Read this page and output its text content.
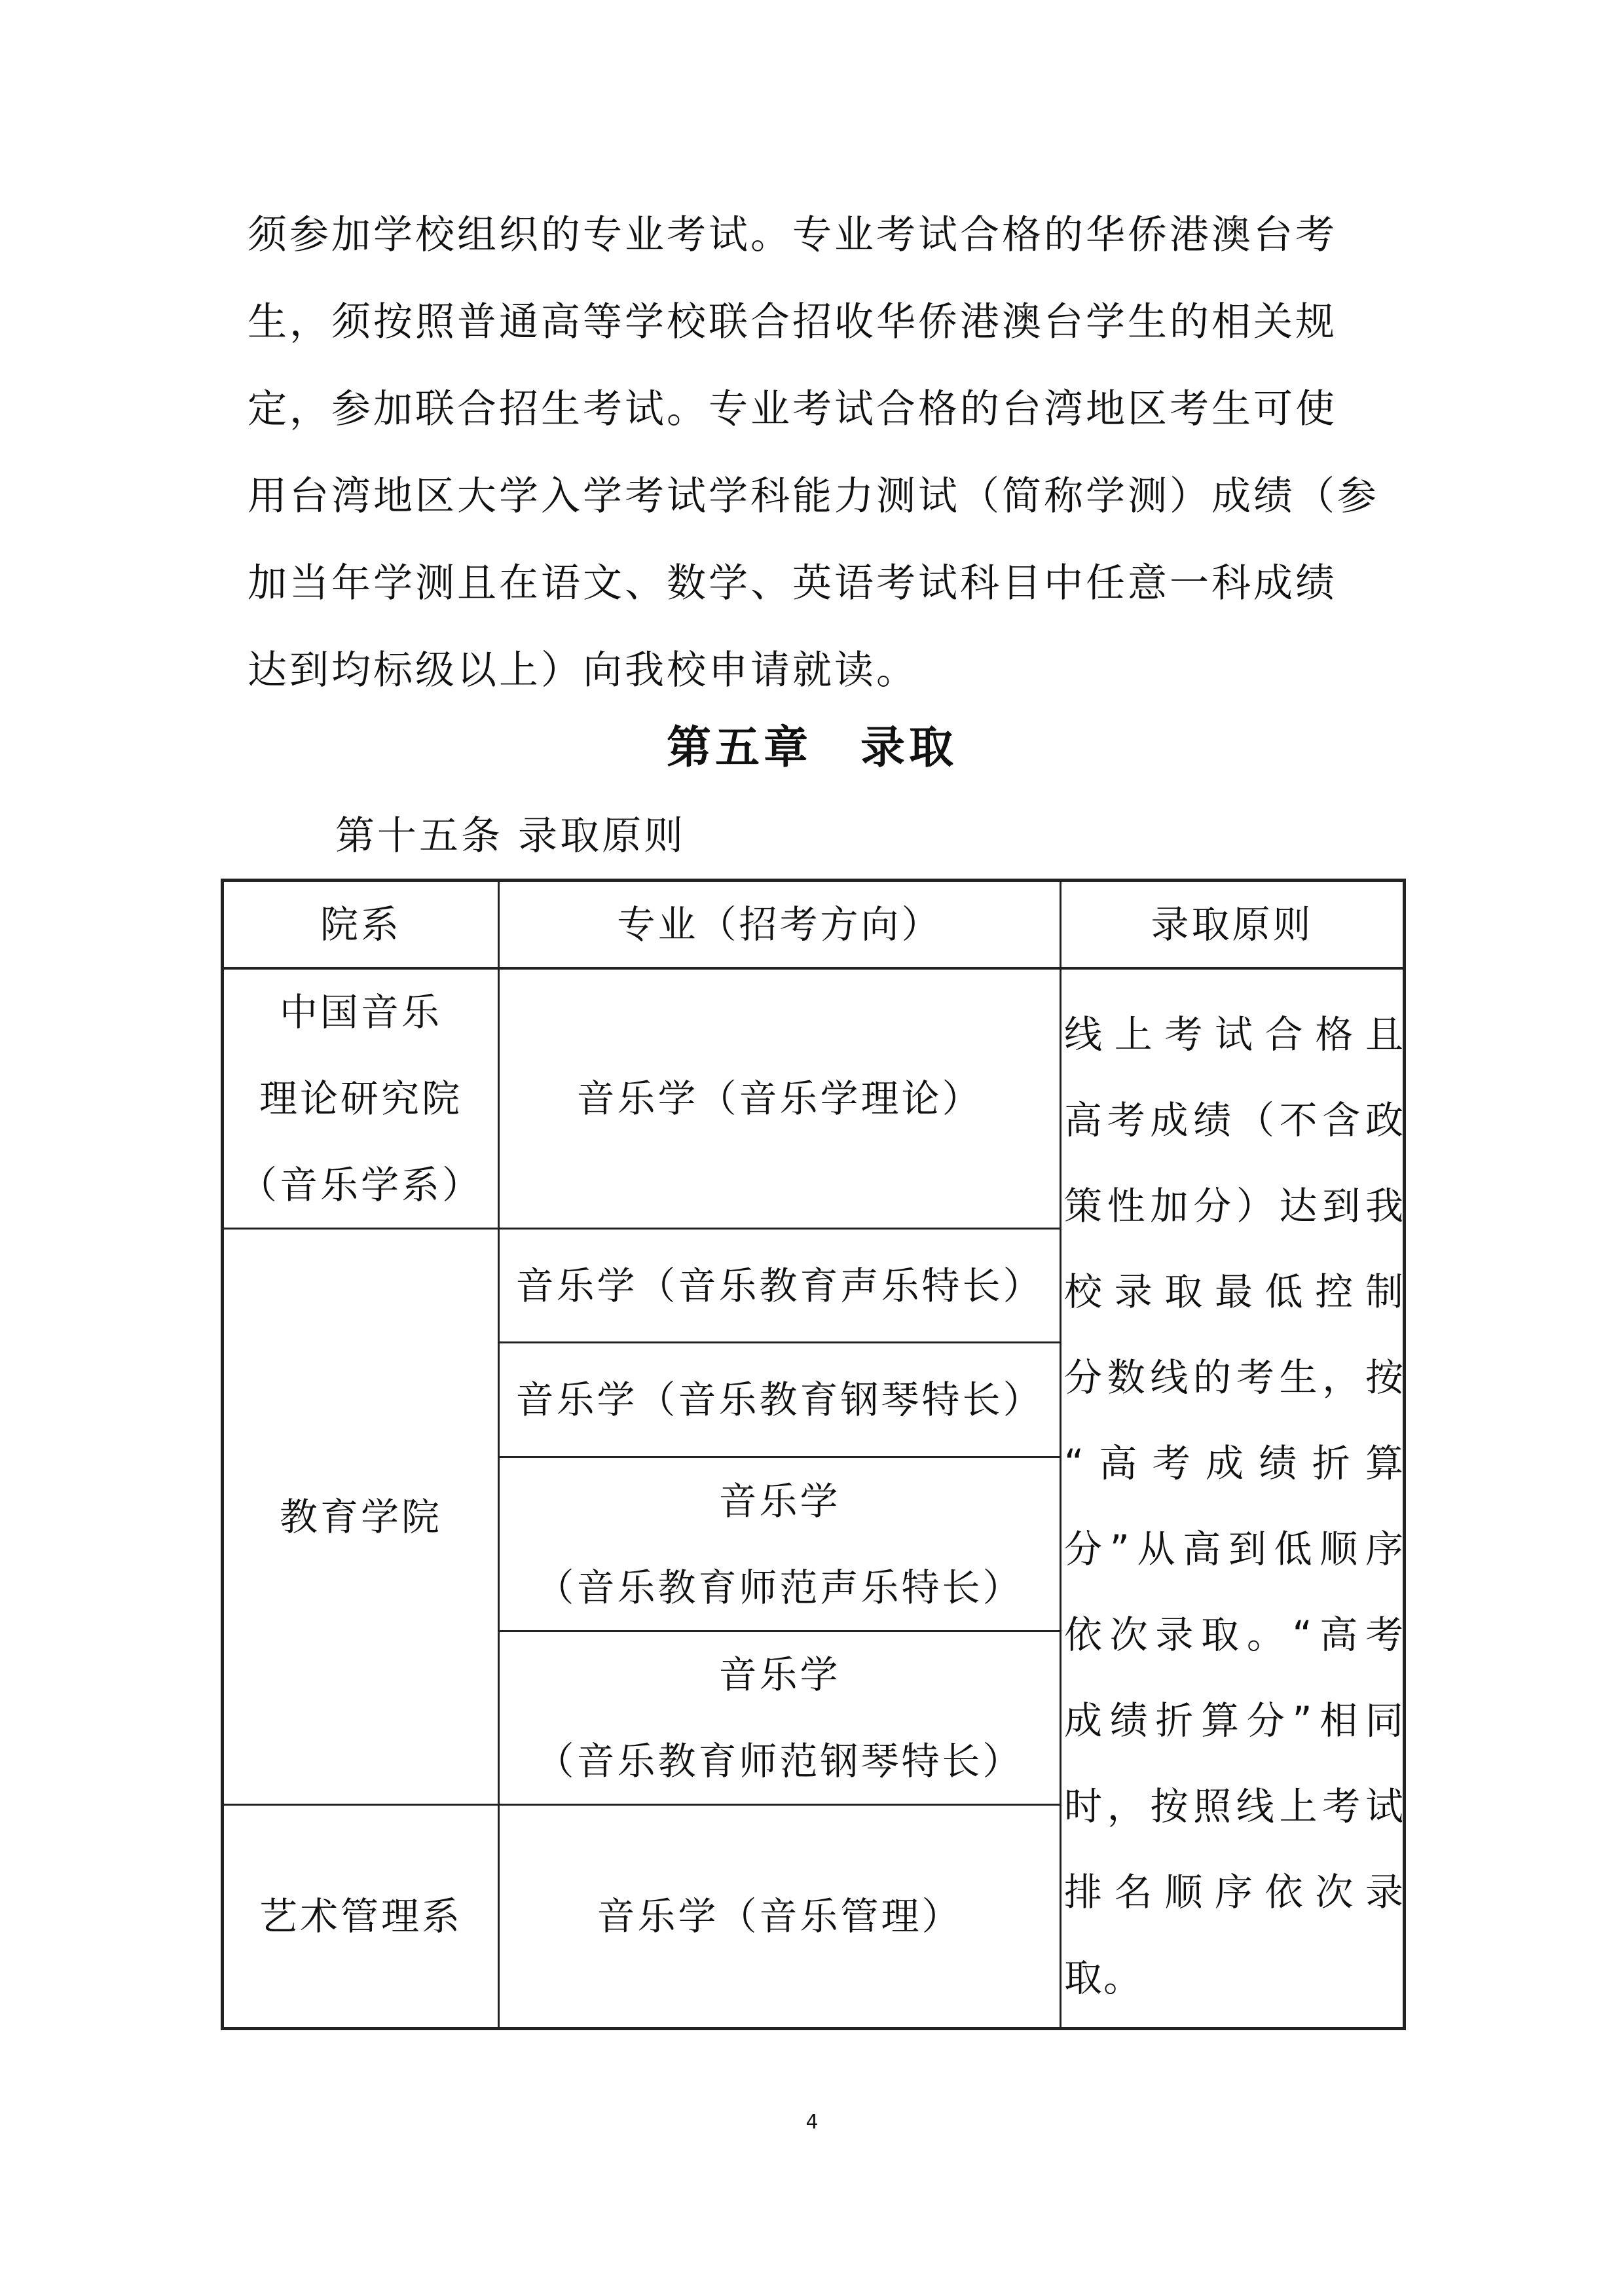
须参加学校组织的专业考试。专业考试合格的华侨港澳台考

生，须按照普通高等学校联合招收华侨港澳台学生的相关规

定，参加联合招生考试。专业考试合格的台湾地区考生可使

用台湾地区大学入学考试学科能力测试（简称学测）成绩（参

加当年学测且在语文、数学、英语考试科目中任意一科成绩

达到均标级以上）向我校申请就读。

第五章　录取

第十五条 录取原则

院系	专业（招考方向）	录取原则
中国音乐
理论研究院
（音乐学系）
教育学院
艺术管理系
音乐学（音乐学理论）
音乐学（音乐教育声乐特长）
音乐学（音乐教育钢琴特长）
音乐学
（音乐教育师范声乐特长）
音乐学
（音乐教育师范钢琴特长）
音乐学（音乐管理）
线上考试合格且
高考成绩（不含政
策性加分）达到我
校录取最低控制
分数线的考生，按
“高考成绩折算
分”从高到低顺序
依次录取。“高考
成绩折算分”相同
时，按照线上考试
排名顺序依次录
取。
4
